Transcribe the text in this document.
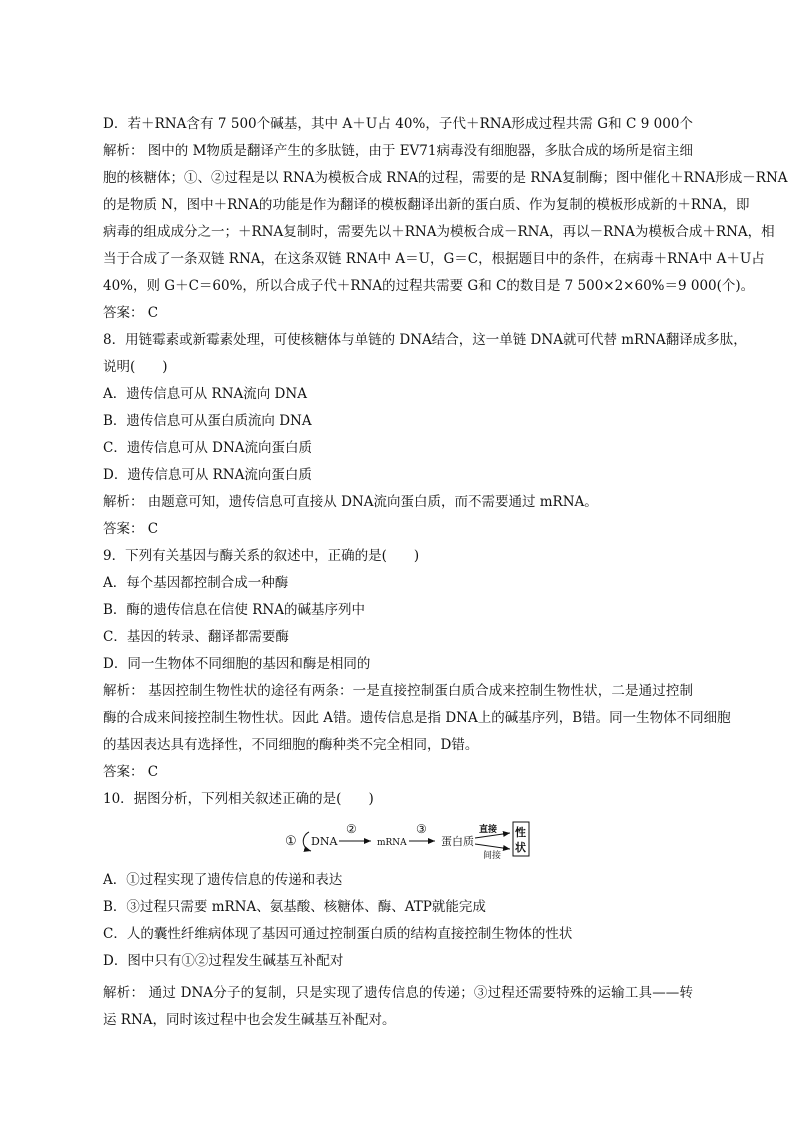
D．若＋RNA含有 7 500个碱基，其中 A＋U占 40%，子代＋RNA形成过程共需 G和 C 9 000个
解析： 图中的 M物质是翻译产生的多肽链，由于 EV71病毒没有细胞器，多肽合成的场所是宿主细
胞的核糖体；①、②过程是以 RNA为模板合成 RNA的过程，需要的是 RNA复制酶；图中催化＋RNA形成－RNA
的是物质 N，图中＋RNA的功能是作为翻译的模板翻译出新的蛋白质、作为复制的模板形成新的＋RNA，即
病毒的组成成分之一；＋RNA复制时，需要先以＋RNA为模板合成－RNA，再以－RNA为模板合成＋RNA，相
当于合成了一条双链 RNA，在这条双链 RNA中 A＝U，G＝C，根据题目中的条件，在病毒＋RNA中 A＋U占
40%，则 G＋C＝60%，所以合成子代＋RNA的过程共需要 G和 C的数目是 7 500×2×60%＝9 000(个)。
答案： C
8．用链霉素或新霉素处理，可使核糖体与单链的 DNA结合，这一单链 DNA就可代替 mRNA翻译成多肽，
说明(　　)
A．遗传信息可从 RNA流向 DNA
B．遗传信息可从蛋白质流向 DNA
C．遗传信息可从 DNA流向蛋白质
D．遗传信息可从 RNA流向蛋白质
解析： 由题意可知，遗传信息可直接从 DNA流向蛋白质，而不需要通过 mRNA。
答案： C
9．下列有关基因与酶关系的叙述中，正确的是(　　)
A．每个基因都控制合成一种酶
B．酶的遗传信息在信使 RNA的碱基序列中
C．基因的转录、翻译都需要酶
D．同一生物体不同细胞的基因和酶是相同的
解析： 基因控制生物性状的途径有两条：一是直接控制蛋白质合成来控制生物性状，二是通过控制
酶的合成来间接控制生物性状。因此 A错。遗传信息是指 DNA上的碱基序列，B错。同一生物体不同细胞
的基因表达具有选择性，不同细胞的酶种类不完全相同，D错。
答案： C
10．据图分析，下列相关叙述正确的是(　　)
① DNA
②
mRNA
③
蛋白质
直接
间接
性
状
A．①过程实现了遗传信息的传递和表达
B．③过程只需要 mRNA、氨基酸、核糖体、酶、ATP就能完成
C．人的囊性纤维病体现了基因可通过控制蛋白质的结构直接控制生物体的性状
D．图中只有①②过程发生碱基互补配对
解析： 通过 DNA分子的复制，只是实现了遗传信息的传递；③过程还需要特殊的运输工具——转
运 RNA，同时该过程中也会发生碱基互补配对。
